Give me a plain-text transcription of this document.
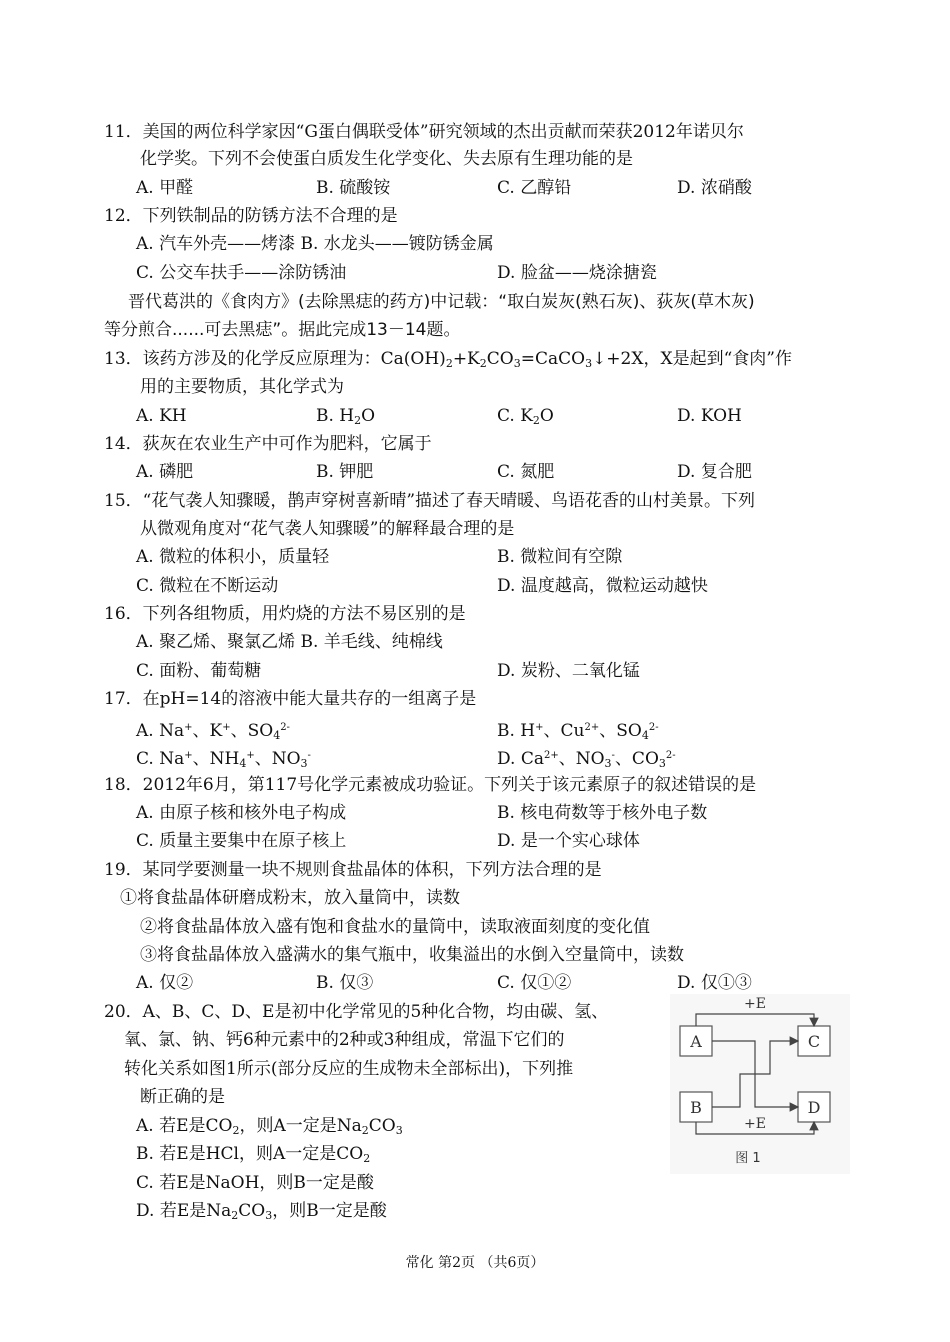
11．美国的两位科学家因“G蛋白偶联受体”研究领域的杰出贡献而荣获2012年诺贝尔
化学奖。下列不会使蛋白质发生化学变化、失去原有生理功能的是
A. 甲醛	B. 硫酸铵	C. 乙醇铅	D. 浓硝酸
12．下列铁制品的防锈方法不合理的是
A. 汽车外壳——烤漆 B. 水龙头——镀防锈金属
C. 公交车扶手——涂防锈油	D. 脸盆——烧涂搪瓷
晋代葛洪的《食肉方》(去除黑痣的药方)中记载：“取白炭灰(熟石灰)、荻灰(草木灰)
等分煎合......可去黑痣”。据此完成13－14题。
13．该药方涉及的化学反应原理为：$Ca(OH)_2+K_2CO_3=CaCO_3↓+2X$，X是起到“食肉”作
用的主要物质，其化学式为
A. KH	B. $H_2O$	C. $K_2O$	D. KOH
14．荻灰在农业生产中可作为肥料，它属于
A. 磷肥	B. 钾肥	C. 氮肥	D. 复合肥
15．“花气袭人知骤暖，鹊声穿树喜新晴”描述了春天晴暖、鸟语花香的山村美景。下列
从微观角度对“花气袭人知骤暖”的解释最合理的是
A. 微粒的体积小，质量轻	B. 微粒间有空隙
C. 微粒在不断运动	D. 温度越高，微粒运动越快
16．下列各组物质，用灼烧的方法不易区别的是
A. 聚乙烯、聚氯乙烯 B. 羊毛线、纯棉线
C. 面粉、葡萄糖	D. 炭粉、二氧化锰
17．在pH=14的溶液中能大量共存的一组离子是
A. Na+、K+、$SO_4^{2-}$	B. H+、$Cu^{2+}$、$SO_4^{2-}$
C. Na+、$NH_4^+$、$NO_3^-$	D. $Ca^{2+}$、$NO_3^-$、$CO_3^{2-}$
18．2012年6月，第117号化学元素被成功验证。下列关于该元素原子的叙述错误的是
A. 由原子核和核外电子构成	B. 核电荷数等于核外电子数
C. 质量主要集中在原子核上	D. 是一个实心球体
19．某同学要测量一块不规则食盐晶体的体积，下列方法合理的是
①将食盐晶体研磨成粉末，放入量筒中，读数
②将食盐晶体放入盛有饱和食盐水的量筒中，读取液面刻度的变化值
③将食盐晶体放入盛满水的集气瓶中，收集溢出的水倒入空量筒中，读数
A. 仅②	B. 仅③	C. 仅①②	D. 仅①③
20．A、B、C、D、E是初中化学常见的5种化合物，均由碳、氢、
氧、氯、钠、钙6种元素中的2种或3种组成，常温下它们的
转化关系如图1所示(部分反应的生成物未全部标出)，下列推
断正确的是
A. 若E是$CO_2$，则A一定是$Na_2CO_3$
B. 若E是HCl，则A一定是$CO_2$
C. 若E是NaOH，则B一定是酸
D. 若E是$Na_2CO_3$，则B一定是酸
A
B
C
D
+E
+E
图 1
常化 第2页 （共6页）
